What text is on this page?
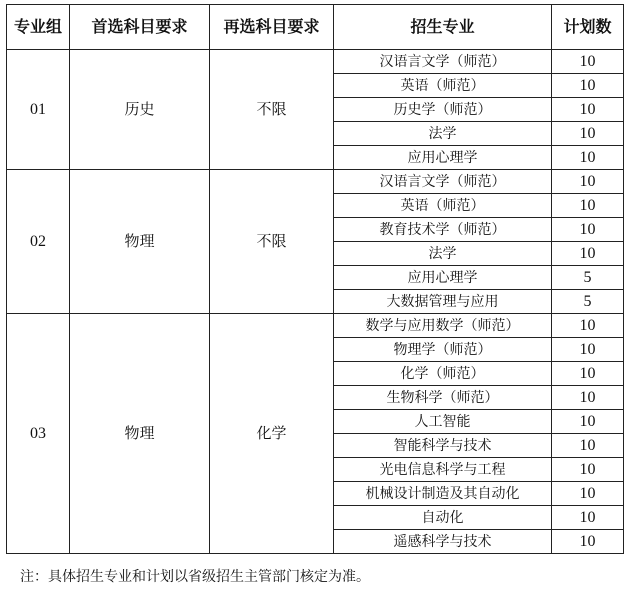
专业组	首选科目要求	再选科目要求	招生专业	计划数
01	历史	不限	汉语言文学（师范）	10
			英语（师范）	10
			历史学（师范）	10
			法学	10
			应用心理学	10
02	物理	不限	汉语言文学（师范）	10
			英语（师范）	10
			教育技术学（师范）	10
			法学	10
			应用心理学	5
			大数据管理与应用	5
03	物理	化学	数学与应用数学（师范）	10
			物理学（师范）	10
			化学（师范）	10
			生物科学（师范）	10
			人工智能	10
			智能科学与技术	10
			光电信息科学与工程	10
			机械设计制造及其自动化	10
			自动化	10
			遥感科学与技术	10
注：具体招生专业和计划以省级招生主管部门核定为准。
